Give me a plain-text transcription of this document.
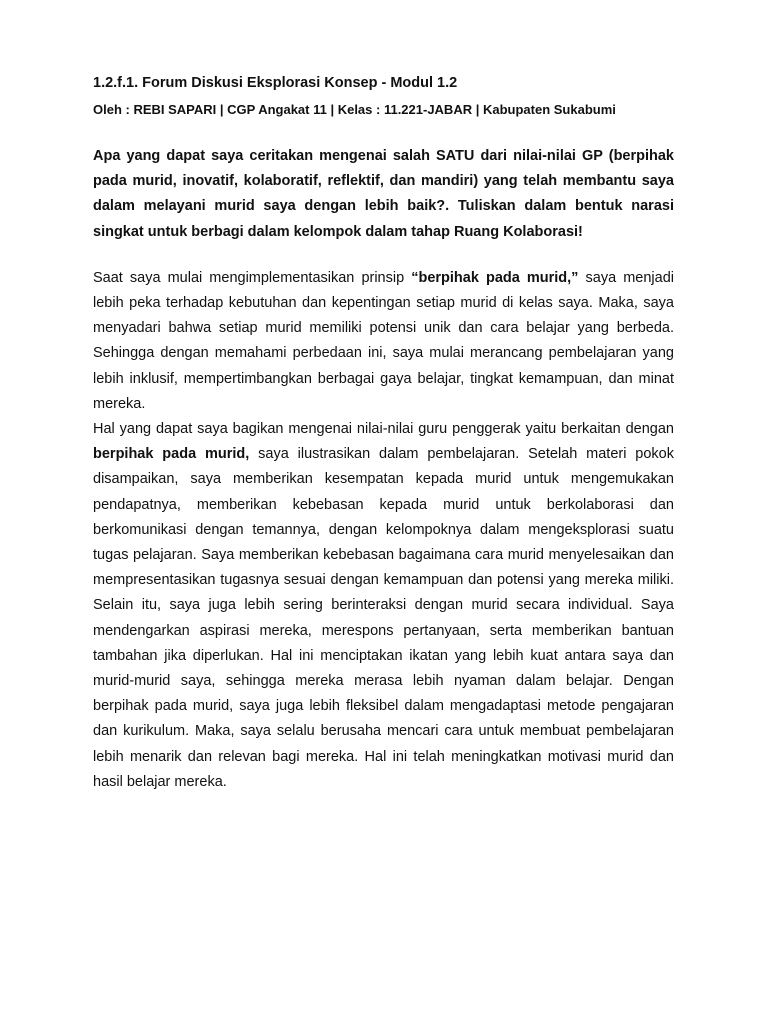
1.2.f.1. Forum Diskusi Eksplorasi Konsep - Modul 1.2

Oleh : REBI SAPARI | CGP Angakat 11 | Kelas : 11.221-JABAR | Kabupaten Sukabumi

Apa yang dapat saya ceritakan mengenai salah SATU dari nilai-nilai GP (berpihak pada murid, inovatif, kolaboratif, reflektif, dan mandiri) yang telah membantu saya dalam melayani murid saya dengan lebih baik?. Tuliskan dalam bentuk narasi singkat untuk berbagi dalam kelompok dalam tahap Ruang Kolaborasi!

Saat saya mulai mengimplementasikan prinsip “berpihak pada murid,” saya menjadi lebih peka terhadap kebutuhan dan kepentingan setiap murid di kelas saya. Maka, saya menyadari bahwa setiap murid memiliki potensi unik dan cara belajar yang berbeda. Sehingga dengan memahami perbedaan ini, saya mulai merancang pembelajaran yang lebih inklusif, mempertimbangkan berbagai gaya belajar, tingkat kemampuan, dan minat mereka.

Hal yang dapat saya bagikan mengenai nilai-nilai guru penggerak yaitu berkaitan dengan berpihak pada murid, saya ilustrasikan dalam pembelajaran. Setelah materi pokok disampaikan, saya memberikan kesempatan kepada murid untuk mengemukakan pendapatnya, memberikan kebebasan kepada murid untuk berkolaborasi dan berkomunikasi dengan temannya, dengan kelompoknya dalam mengeksplorasi suatu tugas pelajaran. Saya memberikan kebebasan bagaimana cara murid menyelesaikan dan mempresentasikan tugasnya sesuai dengan kemampuan dan potensi yang mereka miliki. Selain itu, saya juga lebih sering berinteraksi dengan murid secara individual. Saya mendengarkan aspirasi mereka, merespons pertanyaan, serta memberikan bantuan tambahan jika diperlukan. Hal ini menciptakan ikatan yang lebih kuat antara saya dan murid-murid saya, sehingga mereka merasa lebih nyaman dalam belajar. Dengan berpihak pada murid, saya juga lebih fleksibel dalam mengadaptasi metode pengajaran dan kurikulum. Maka, saya selalu berusaha mencari cara untuk membuat pembelajaran lebih menarik dan relevan bagi mereka. Hal ini telah meningkatkan motivasi murid dan hasil belajar mereka.
